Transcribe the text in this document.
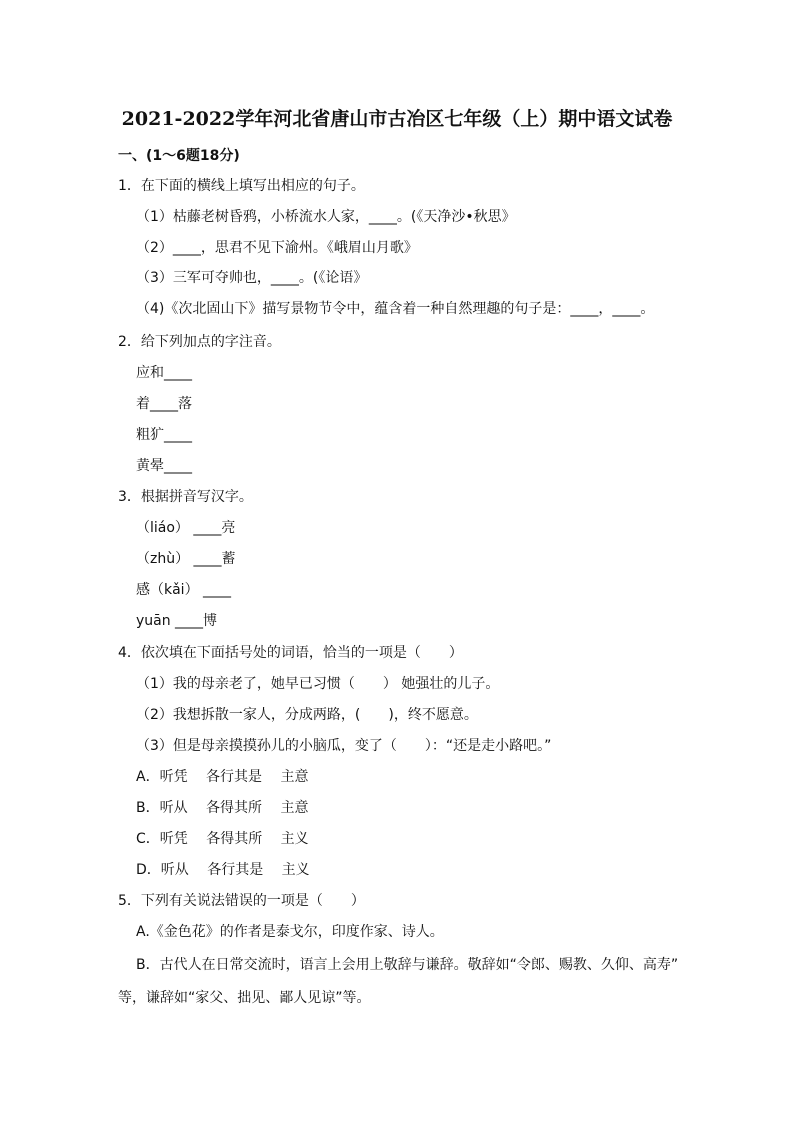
2021-2022学年河北省唐山市古冶区七年级（上）期中语文试卷
一、(1～6题18分)
1．在下面的横线上填写出相应的句子。
（1）枯藤老树昏鸦，小桥流水人家，____。(《天净沙•秋思》
（2）____，思君不见下渝州。《峨眉山月歌》
（3）三军可夺帅也，____。(《论语》
（4)《次北固山下》描写景物节令中，蕴含着一种自然理趣的句子是：____，____。
2．给下列加点的字注音。
应和____
着____落
粗犷____
黄晕____
3．根据拼音写汉字。
（liáo） ____亮
（zhù） ____蓄
感（kǎi） ____
yuān ____博
4．依次填在下面括号处的词语，恰当的一项是（　　）
（1）我的母亲老了，她早已习惯（　　） 她强壮的儿子。
（2）我想拆散一家人，分成两路，(　　)，终不愿意。
（3）但是母亲摸摸孙儿的小脑瓜，变了（　　）：“还是走小路吧。”
A．听凭　 各行其是　 主意
B．听从　 各得其所　 主意
C．听凭　 各得其所　 主义
D．听从　 各行其是　 主义
5．下列有关说法错误的一项是（　　）
A.《金色花》的作者是泰戈尔，印度作家、诗人。
B．古代人在日常交流时，语言上会用上敬辞与谦辞。敬辞如“令郎、赐教、久仰、高寿”
等，谦辞如“家父、拙见、鄙人见谅”等。
